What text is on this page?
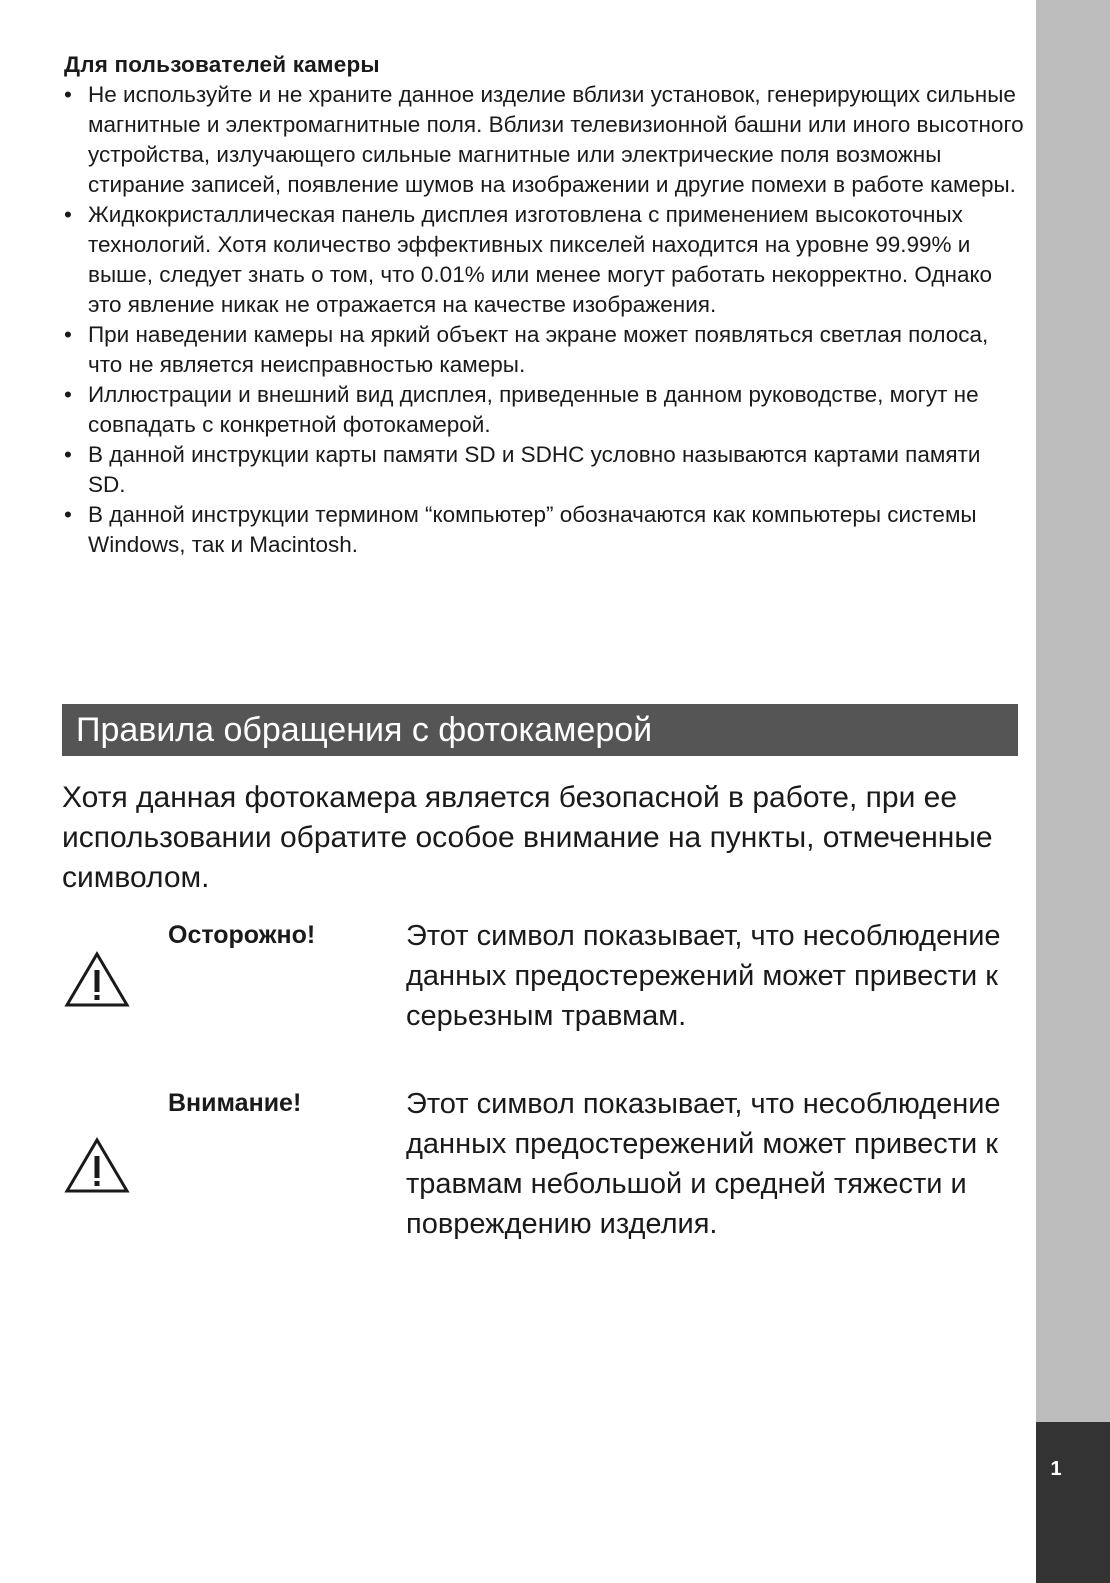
1
Для пользователей камеры
• Не используйте и не храните данное изделие вблизи установок, генерирующих сильные магнитные и электромагнитные поля. Вблизи телевизионной башни или иного высотного устройства, излучающего сильные магнитные или электрические поля возможны стирание записей, появление шумов на изображении и другие помехи в работе камеры.
• Жидкокристаллическая панель дисплея изготовлена с применением высокоточных технологий. Хотя количество эффективных пикселей находится на уровне 99.99% и выше, следует знать о том, что 0.01% или менее могут работать некорректно. Однако это явление никак не отражается на качестве изображения.
• При наведении камеры на яркий объект на экране может появляться светлая полоса, что не является неисправностью камеры.
• Иллюстрации и внешний вид дисплея, приведенные в данном руководстве, могут не совпадать с конкретной фотокамерой.
• В данной инструкции карты памяти SD и SDHC условно называются картами памяти SD.
• В данной инструкции термином “компьютер” обозначаются как компьютеры системы Windows, так и Macintosh.
Правила обращения с фотокамерой

Хотя данная фотокамера является безопасной в работе, при ее использовании обратите особое внимание на пункты, отмеченные символом.

Осторожно!	Этот символ показывает, что несоблюдение данных предостережений может привести к серьезным травмам.

Внимание!	Этот символ показывает, что несоблюдение данных предостережений может привести к травмам небольшой и средней тяжести и повреждению изделия.
